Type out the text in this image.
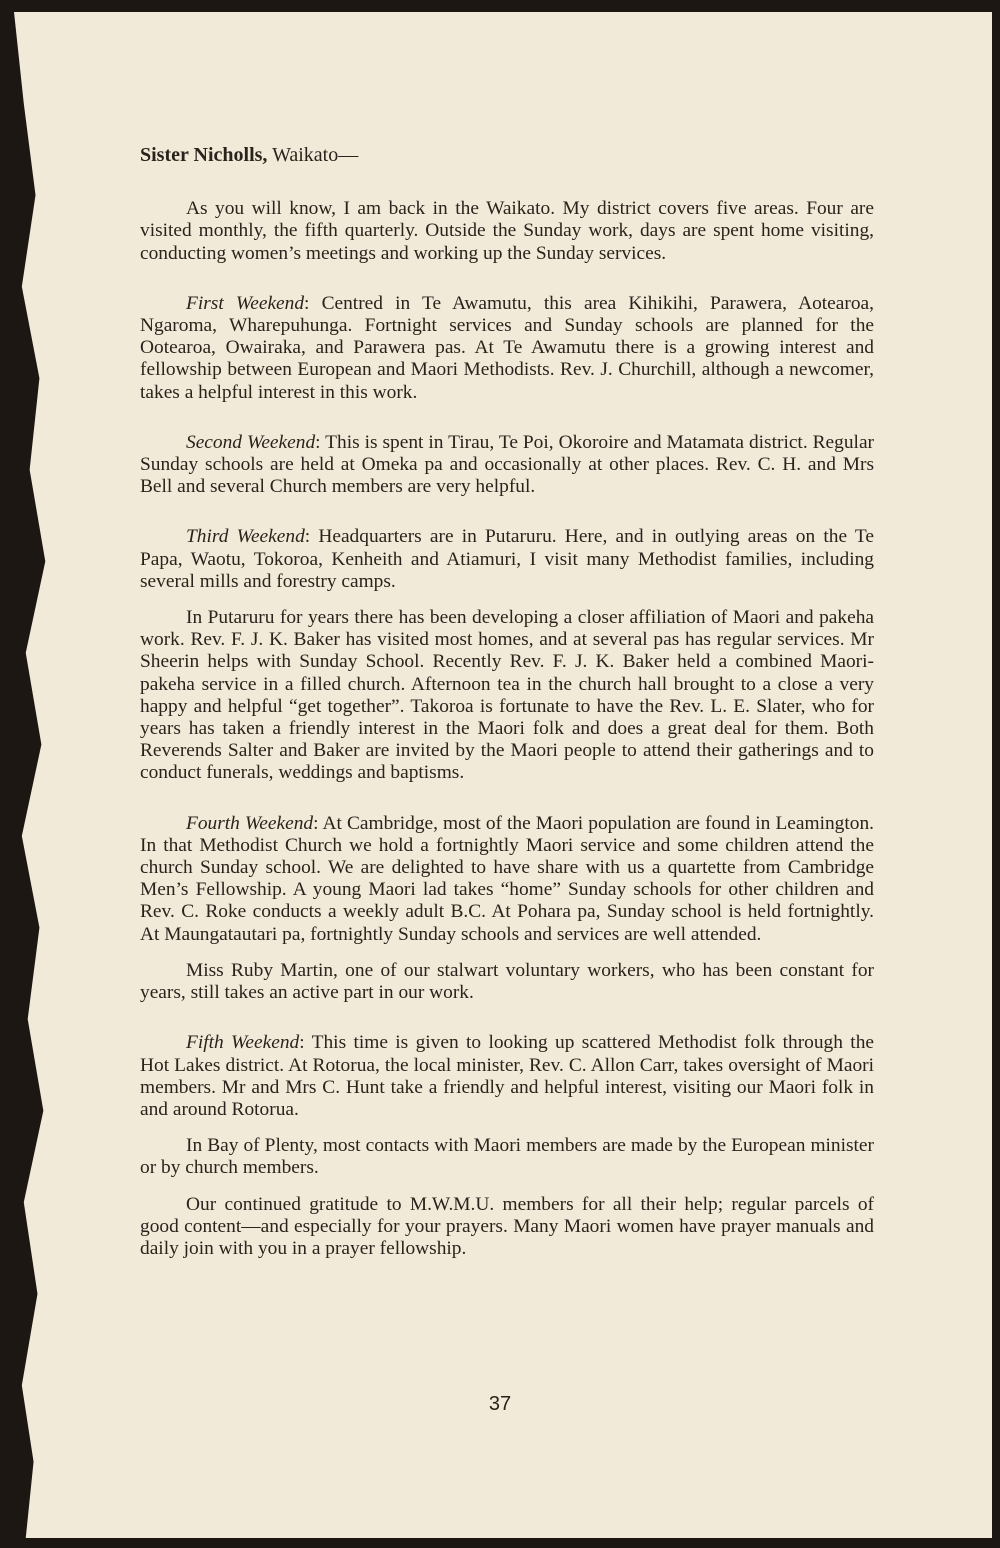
Sister Nicholls, Waikato—

As you will know, I am back in the Waikato. My district covers five areas. Four are visited monthly, the fifth quarterly. Outside the Sunday work, days are spent home visiting, conducting women’s meetings and working up the Sunday services.

First Weekend: Centred in Te Awamutu, this area Kihikihi, Parawera, Aotearoa, Ngaroma, Wharepuhunga. Fortnight services and Sunday schools are planned for the Ootearoa, Owairaka, and Parawera pas. At Te Awamutu there is a growing interest and fellowship between European and Maori Methodists. Rev. J. Churchill, although a newcomer, takes a helpful interest in this work.

Second Weekend: This is spent in Tirau, Te Poi, Okoroire and Matamata district. Regular Sunday schools are held at Omeka pa and occasionally at other places. Rev. C. H. and Mrs Bell and several Church members are very helpful.

Third Weekend: Headquarters are in Putaruru. Here, and in outlying areas on the Te Papa, Waotu, Tokoroa, Kenheith and Atiamuri, I visit many Methodist families, including several mills and forestry camps.

In Putaruru for years there has been developing a closer affiliation of Maori and pakeha work. Rev. F. J. K. Baker has visited most homes, and at several pas has regular services. Mr Sheerin helps with Sunday School. Recently Rev. F. J. K. Baker held a combined Maori-pakeha service in a filled church. Afternoon tea in the church hall brought to a close a very happy and helpful “get together”. Takoroa is fortunate to have the Rev. L. E. Slater, who for years has taken a friendly interest in the Maori folk and does a great deal for them. Both Reverends Salter and Baker are invited by the Maori people to attend their gatherings and to conduct funerals, weddings and baptisms.

Fourth Weekend: At Cambridge, most of the Maori population are found in Leamington. In that Methodist Church we hold a fortnightly Maori service and some children attend the church Sunday school. We are delighted to have share with us a quartette from Cambridge Men’s Fellowship. A young Maori lad takes “home” Sunday schools for other children and Rev. C. Roke conducts a weekly adult B.C. At Pohara pa, Sunday school is held fortnightly. At Maungatautari pa, fortnightly Sunday schools and services are well attended.

Miss Ruby Martin, one of our stalwart voluntary workers, who has been constant for years, still takes an active part in our work.

Fifth Weekend: This time is given to looking up scattered Methodist folk through the Hot Lakes district. At Rotorua, the local minister, Rev. C. Allon Carr, takes oversight of Maori members. Mr and Mrs C. Hunt take a friendly and helpful interest, visiting our Maori folk in and around Rotorua.

In Bay of Plenty, most contacts with Maori members are made by the European minister or by church members.

Our continued gratitude to M.W.M.U. members for all their help; regular parcels of good content—and especially for your prayers. Many Maori women have prayer manuals and daily join with you in a prayer fellowship.

37
